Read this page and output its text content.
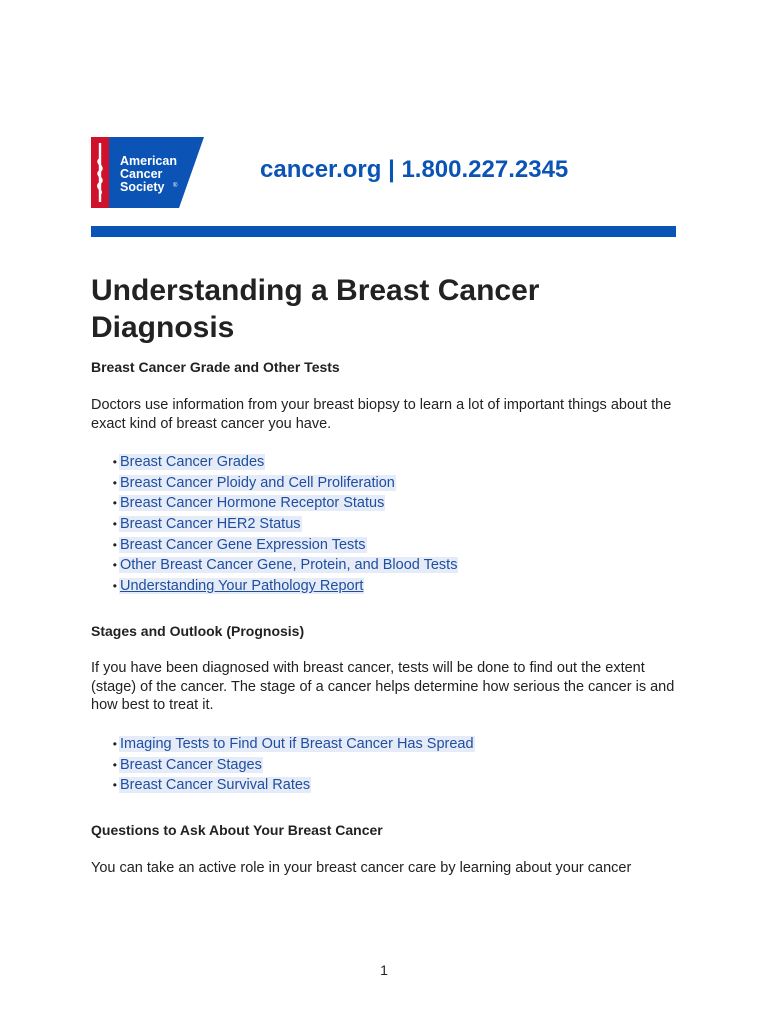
American
Cancer
Society ®
cancer.org | 1.800.227.2345
Understanding a Breast Cancer Diagnosis
Breast Cancer Grade and Other Tests

Doctors use information from your breast biopsy to learn a lot of important things about the exact kind of breast cancer you have.

• Breast Cancer Grades
• Breast Cancer Ploidy and Cell Proliferation
• Breast Cancer Hormone Receptor Status
• Breast Cancer HER2 Status
• Breast Cancer Gene Expression Tests
• Other Breast Cancer Gene, Protein, and Blood Tests
• Understanding Your Pathology Report
Stages and Outlook (Prognosis)

If you have been diagnosed with breast cancer, tests will be done to find out the extent (stage) of the cancer. The stage of a cancer helps determine how serious the cancer is and how best to treat it.

• Imaging Tests to Find Out if Breast Cancer Has Spread
• Breast Cancer Stages
• Breast Cancer Survival Rates
Questions to Ask About Your Breast Cancer

You can take an active role in your breast cancer care by learning about your cancer

1
